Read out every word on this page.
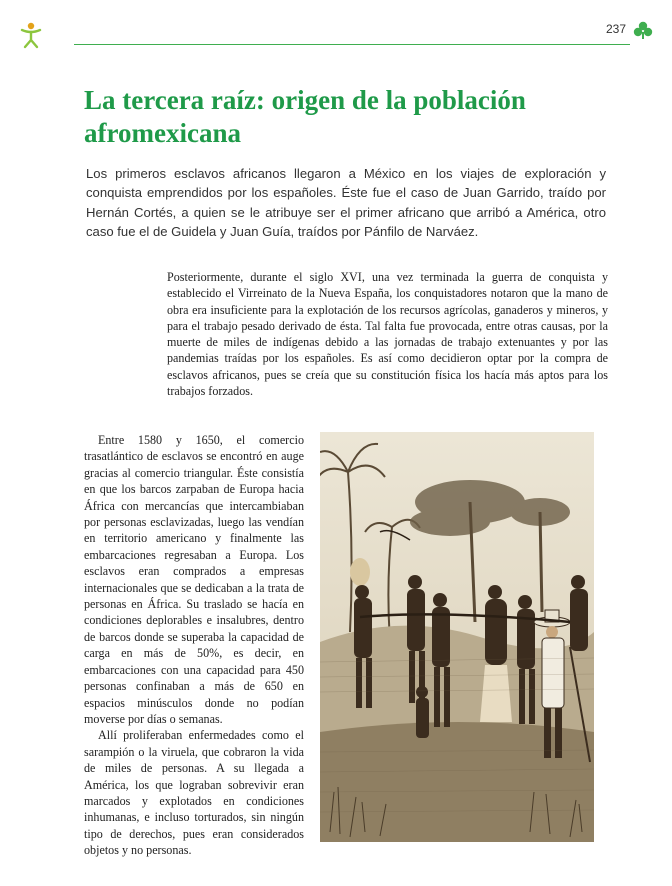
237
La tercera raíz: origen de la población afromexicana

Los primeros esclavos africanos llegaron a México en los viajes de exploración y conquista emprendidos por los españoles. Éste fue el caso de Juan Garrido, traído por Hernán Cortés, a quien se le atribuye ser el primer africano que arribó a América, otro caso fue el de Guidela y Juan Guía, traídos por Pánfilo de Narváez.

Posteriormente, durante el siglo XVI, una vez terminada la guerra de conquista y establecido el Virreinato de la Nueva España, los conquistadores notaron que la mano de obra era insuficiente para la explotación de los recursos agrícolas, ganaderos y mineros, y para el trabajo pesado derivado de ésta. Tal falta fue provocada, entre otras causas, por la muerte de miles de indígenas debido a las jornadas de trabajo extenuantes y por las pandemias traídas por los españoles. Es así como decidieron optar por la compra de esclavos africanos, pues se creía que su constitución física los hacía más aptos para los trabajos forzados.

Entre 1580 y 1650, el comercio trasatlántico de esclavos se encontró en auge gracias al comercio triangular. Éste consistía en que los barcos zarpaban de Europa hacia África con mercancías que intercambiaban por personas esclavizadas, luego las vendían en territorio americano y finalmente las embarcaciones regresaban a Europa. Los esclavos eran comprados a empresas internacionales que se dedicaban a la trata de personas en África. Su traslado se hacía en condiciones deplorables e insalubres, dentro de barcos donde se superaba la capacidad de carga en más de 50%, es decir, en embarcaciones con una capacidad para 450 personas confinaban a más de 650 en espacios minúsculos donde no podían moverse por días o semanas.

Allí proliferaban enfermedades como el sarampión o la viruela, que cobraron la vida de miles de personas. A su llegada a América, los que lograban sobrevivir eran marcados y explotados en condiciones inhumanas, e incluso torturados, sin ningún tipo de derechos, pues eran considerados objetos y no personas.
